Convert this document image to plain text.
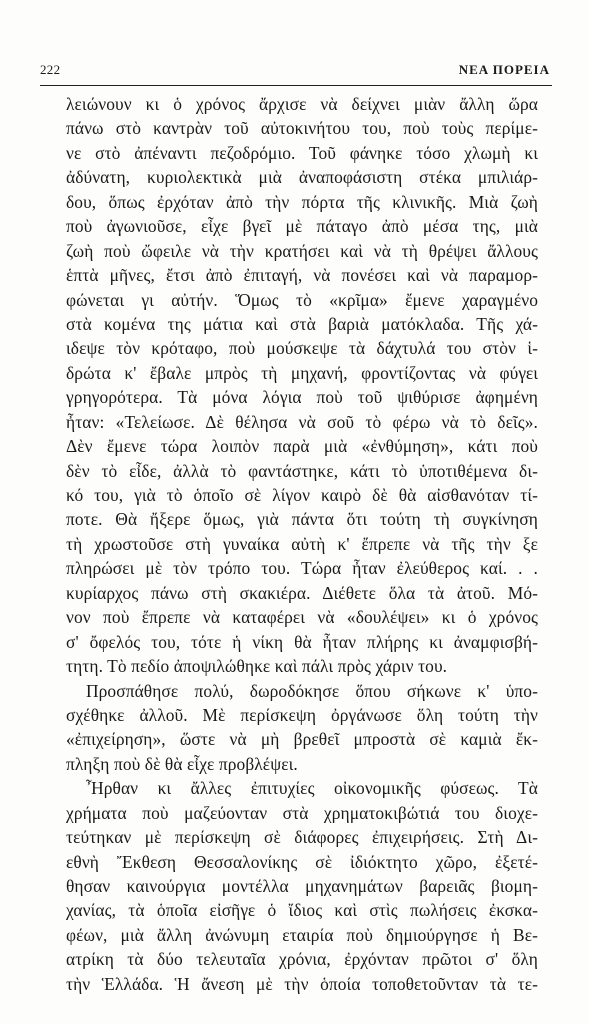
222	ΝΕΑ ΠΟΡΕΙΑ
λειώνουν κι ὁ χρόνος ἄρχισε νὰ δείχνει μιὰν ἄλλη ὥρα
πάνω στὸ καντρὰν τοῦ αὐτοκινήτου του, ποὺ τοὺς περίμε-
νε στὸ ἀπέναντι πεζοδρόμιο. Τοῦ φάνηκε τόσο χλωμὴ κι
ἀδύνατη, κυριολεκτικὰ μιὰ ἀναποφάσιστη στέκα μπιλιάρ-
δου, ὅπως ἐρχόταν ἀπὸ τὴν πόρτα τῆς κλινικῆς. Μιὰ ζωὴ
ποὺ ἀγωνιοῦσε, εἶχε βγεῖ μὲ πάταγο ἀπὸ μέσα της, μιὰ
ζωὴ ποὺ ὤφειλε νὰ τὴν κρατήσει καὶ νὰ τὴ θρέψει ἄλλους
ἑπτὰ μῆνες, ἔτσι ἀπὸ ἐπιταγή, νὰ πονέσει καὶ νὰ παραμορ-
φώνεται γι αὐτήν. Ὅμως τὸ «κρῖμα» ἔμενε χαραγμένο
στὰ κομένα της μάτια καὶ στὰ βαριὰ ματόκλαδα. Τῆς χά-
ιδεψε τὸν κρόταφο, ποὺ μούσκεψε τὰ δάχτυλά του στὸν ἱ-
δρώτα κ' ἔβαλε μπρὸς τὴ μηχανή, φροντίζοντας νὰ φύγει
γρηγορότερα. Τὰ μόνα λόγια ποὺ τοῦ ψιθύρισε ἀφημένη
ἦταν: «Τελείωσε. Δὲ θέλησα νὰ σοῦ τὸ φέρω νὰ τὸ δεῖς».
Δὲν ἔμενε τώρα λοιπὸν παρὰ μιὰ «ἐνθύμηση», κάτι ποὺ
δὲν τὸ εἶδε, ἀλλὰ τὸ φαντάστηκε, κάτι τὸ ὑποτιθέμενα δι-
κό του, γιὰ τὸ ὁποῖο σὲ λίγον καιρὸ δὲ θὰ αἰσθανόταν τί-
ποτε. Θὰ ἤξερε ὅμως, γιὰ πάντα ὅτι τούτη τὴ συγκίνηση
τὴ χρωστοῦσε στὴ γυναίκα αὐτὴ κ' ἔπρεπε νὰ τῆς τὴν ξε
πληρώσει μὲ τὸν τρόπο του. Τώρα ἦταν ἐλεύθερος καί. . .
κυρίαρχος πάνω στὴ σκακιέρα. Διέθετε ὅλα τὰ ἀτοῦ. Μό-
νον ποὺ ἔπρεπε νὰ καταφέρει νὰ «δουλέψει» κι ὁ χρόνος
σ' ὄφελός του, τότε ἡ νίκη θὰ ἦταν πλήρης κι ἀναμφισβή-
τητη. Τὸ πεδίο ἀποψιλώθηκε καὶ πάλι πρὸς χάριν του.
Προσπάθησε πολύ, δωροδόκησε ὅπου σήκωνε κ' ὑπο-
σχέθηκε ἀλλοῦ. Μὲ περίσκεψη ὀργάνωσε ὅλη τούτη τὴν
«ἐπιχείρηση», ὥστε νὰ μὴ βρεθεῖ μπροστὰ σὲ καμιὰ ἔκ-
πληξη ποὺ δὲ θὰ εἶχε προβλέψει.
Ἦρθαν κι ἄλλες ἐπιτυχίες οἰκονομικῆς φύσεως. Τὰ
χρήματα ποὺ μαζεύονταν στὰ χρηματοκιβώτιά του διοχε-
τεύτηκαν μὲ περίσκεψη σὲ διάφορες ἐπιχειρήσεις. Στὴ Δι-
εθνὴ Ἔκθεση Θεσσαλονίκης σὲ ἰδιόκτητο χῶρο, ἐξετέ-
θησαν καινούργια μοντέλλα μηχανημάτων βαρειᾶς βιομη-
χανίας, τὰ ὁποῖα εἰσῆγε ὁ ἴδιος καὶ στὶς πωλήσεις ἐκσκα-
φέων, μιὰ ἄλλη ἀνώνυμη εταιρία ποὺ δημιούργησε ἡ Βε-
ατρίκη τὰ δύο τελευταῖα χρόνια, ἐρχόνταν πρῶτοι σ' ὅλη
τὴν Ἑλλάδα. Ἡ ἄνεση μὲ τὴν ὁποία τοποθετοῦνταν τὰ τε-
